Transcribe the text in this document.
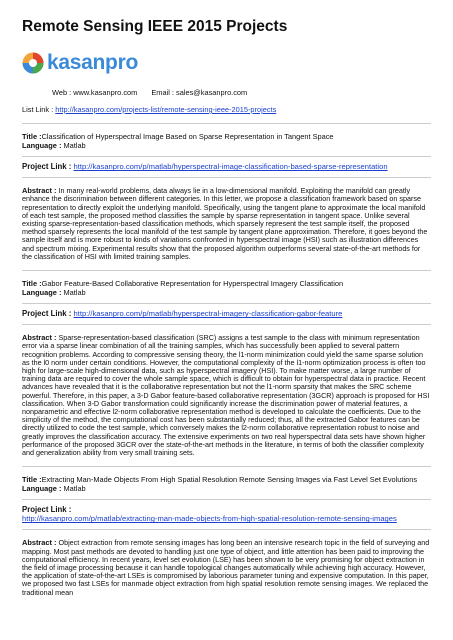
Remote Sensing IEEE 2015 Projects
kasanpro
Web : www.kasanpro.com Email : sales@kasanpro.com
List Link : http://kasanpro.com/projects-list/remote-sensing-ieee-2015-projects
Title :Classification of Hyperspectral Image Based on Sparse Representation in Tangent Space
Language : Matlab
Project Link : http://kasanpro.com/p/matlab/hyperspectral-image-classification-based-sparse-representation
Abstract : In many real-world problems, data always lie in a low-dimensional manifold. Exploiting the manifold can greatly enhance the discrimination between different categories. In this letter, we propose a classification framework based on sparse representation to directly exploit the underlying manifold. Specifically, using the tangent plane to approximate the local manifold of each test sample, the proposed method classifies the sample by sparse representation in tangent space. Unlike several existing sparse-representation-based classification methods, which sparsely represent the test sample itself, the proposed method sparsely represents the local manifold of the test sample by tangent plane approximation. Therefore, it goes beyond the sample itself and is more robust to kinds of variations confronted in hyperspectral image (HSI) such as illustration differences and spectrum mixing. Experimental results show that the proposed algorithm outperforms several state-of-the-art methods for the classification of HSI with limited training samples.
Title :Gabor Feature-Based Collaborative Representation for Hyperspectral Imagery Classification
Language : Matlab
Project Link : http://kasanpro.com/p/matlab/hyperspectral-imagery-classification-gabor-feature
Abstract : Sparse-representation-based classification (SRC) assigns a test sample to the class with minimum representation error via a sparse linear combination of all the training samples, which has successfully been applied to several pattern recognition problems. According to compressive sensing theory, the l1-norm minimization could yield the same sparse solution as the l0 norm under certain conditions. However, the computational complexity of the l1-norm optimization process is often too high for large-scale high-dimensional data, such as hyperspectral imagery (HSI). To make matter worse, a large number of training data are required to cover the whole sample space, which is difficult to obtain for hyperspectral data in practice. Recent advances have revealed that it is the collaborative representation but not the l1-norm sparsity that makes the SRC scheme powerful. Therefore, in this paper, a 3-D Gabor feature-based collaborative representation (3GCR) approach is proposed for HSI classification. When 3-D Gabor transformation could significantly increase the discrimination power of material features, a nonparametric and effective l2-norm collaborative representation method is developed to calculate the coefficients. Due to the simplicity of the method, the computational cost has been substantially reduced; thus, all the extracted Gabor features can be directly utilized to code the test sample, which conversely makes the l2-norm collaborative representation robust to noise and greatly improves the classification accuracy. The extensive experiments on two real hyperspectral data sets have shown higher performance of the proposed 3GCR over the state-of-the-art methods in the literature, in terms of both the classifier complexity and generalization ability from very small training sets.
Title :Extracting Man-Made Objects From High Spatial Resolution Remote Sensing Images via Fast Level Set Evolutions
Language : Matlab
Project Link :
http://kasanpro.com/p/matlab/extracting-man-made-objects-from-high-spatial-resolution-remote-sensing-images
Abstract : Object extraction from remote sensing images has long been an intensive research topic in the field of surveying and mapping. Most past methods are devoted to handling just one type of object, and little attention has been paid to improving the computational efficiency. In recent years, level set evolution (LSE) has been shown to be very promising for object extraction in the field of image processing because it can handle topological changes automatically while achieving high accuracy. However, the application of state-of-the-art LSEs is compromised by laborious parameter tuning and expensive computation. In this paper, we proposed two fast LSEs for manmade object extraction from high spatial resolution remote sensing images. We replaced the traditional mean
